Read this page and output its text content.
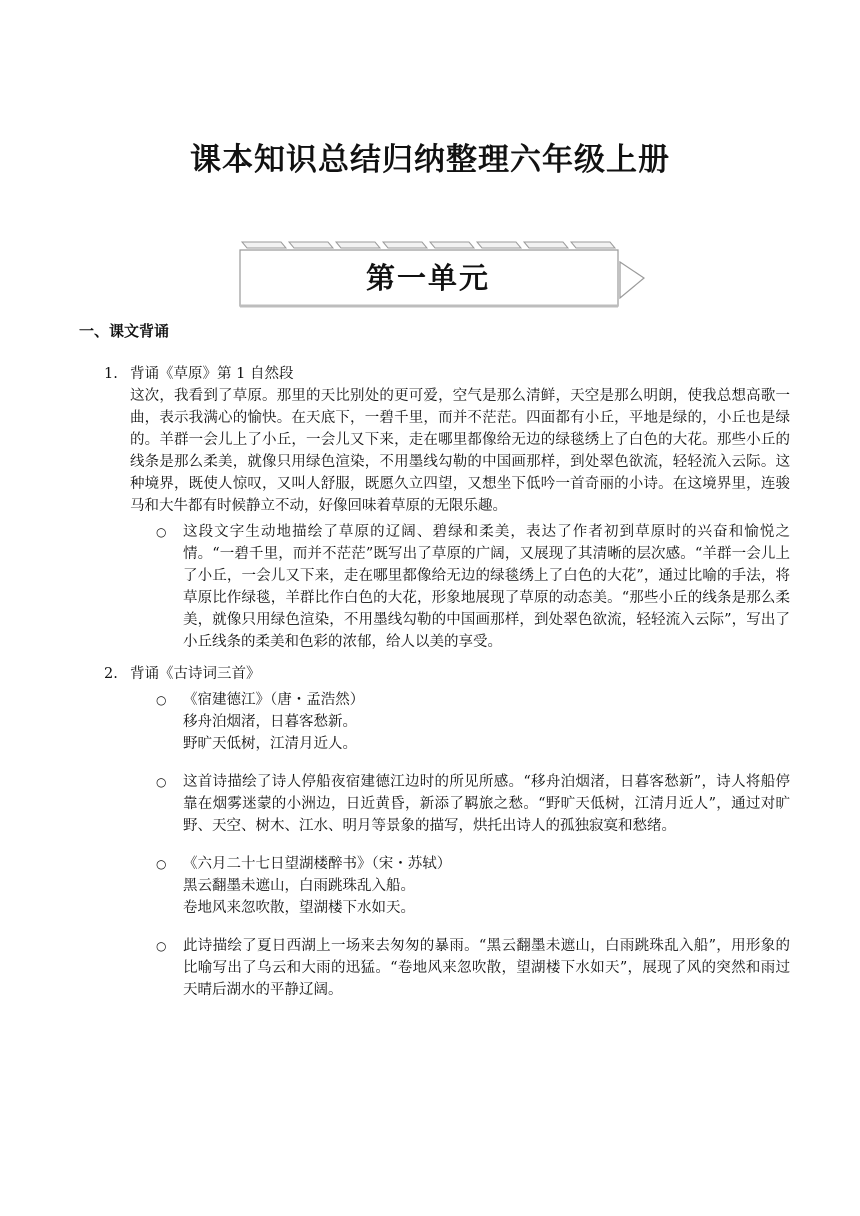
课本知识总结归纳整理六年级上册
第一单元
一、课文背诵
1. 背诵《草原》第 1 自然段
这次，我看到了草原。那里的天比别处的更可爱，空气是那么清鲜，天空是那么明朗，使我总想高歌一曲，表示我满心的愉快。在天底下，一碧千里，而并不茫茫。四面都有小丘，平地是绿的，小丘也是绿的。羊群一会儿上了小丘，一会儿又下来，走在哪里都像给无边的绿毯绣上了白色的大花。那些小丘的线条是那么柔美，就像只用绿色渲染，不用墨线勾勒的中国画那样，到处翠色欲流，轻轻流入云际。这种境界，既使人惊叹，又叫人舒服，既愿久立四望，又想坐下低吟一首奇丽的小诗。在这境界里，连骏马和大牛都有时候静立不动，好像回味着草原的无限乐趣。
○ 这段文字生动地描绘了草原的辽阔、碧绿和柔美，表达了作者初到草原时的兴奋和愉悦之情。“一碧千里，而并不茫茫”既写出了草原的广阔，又展现了其清晰的层次感。“羊群一会儿上了小丘，一会儿又下来，走在哪里都像给无边的绿毯绣上了白色的大花”，通过比喻的手法，将草原比作绿毯，羊群比作白色的大花，形象地展现了草原的动态美。“那些小丘的线条是那么柔美，就像只用绿色渲染，不用墨线勾勒的中国画那样，到处翠色欲流，轻轻流入云际”，写出了小丘线条的柔美和色彩的浓郁，给人以美的享受。
2. 背诵《古诗词三首》
○ 《宿建德江》（唐・孟浩然）
移舟泊烟渚，日暮客愁新。
野旷天低树，江清月近人。
○ 这首诗描绘了诗人停船夜宿建德江边时的所见所感。“移舟泊烟渚，日暮客愁新”，诗人将船停靠在烟雾迷蒙的小洲边，日近黄昏，新添了羁旅之愁。“野旷天低树，江清月近人”，通过对旷野、天空、树木、江水、明月等景象的描写，烘托出诗人的孤独寂寞和愁绪。
○ 《六月二十七日望湖楼醉书》（宋・苏轼）
黑云翻墨未遮山，白雨跳珠乱入船。
卷地风来忽吹散，望湖楼下水如天。
○ 此诗描绘了夏日西湖上一场来去匆匆的暴雨。“黑云翻墨未遮山，白雨跳珠乱入船”，用形象的比喻写出了乌云和大雨的迅猛。“卷地风来忽吹散，望湖楼下水如天”，展现了风的突然和雨过天晴后湖水的平静辽阔。
